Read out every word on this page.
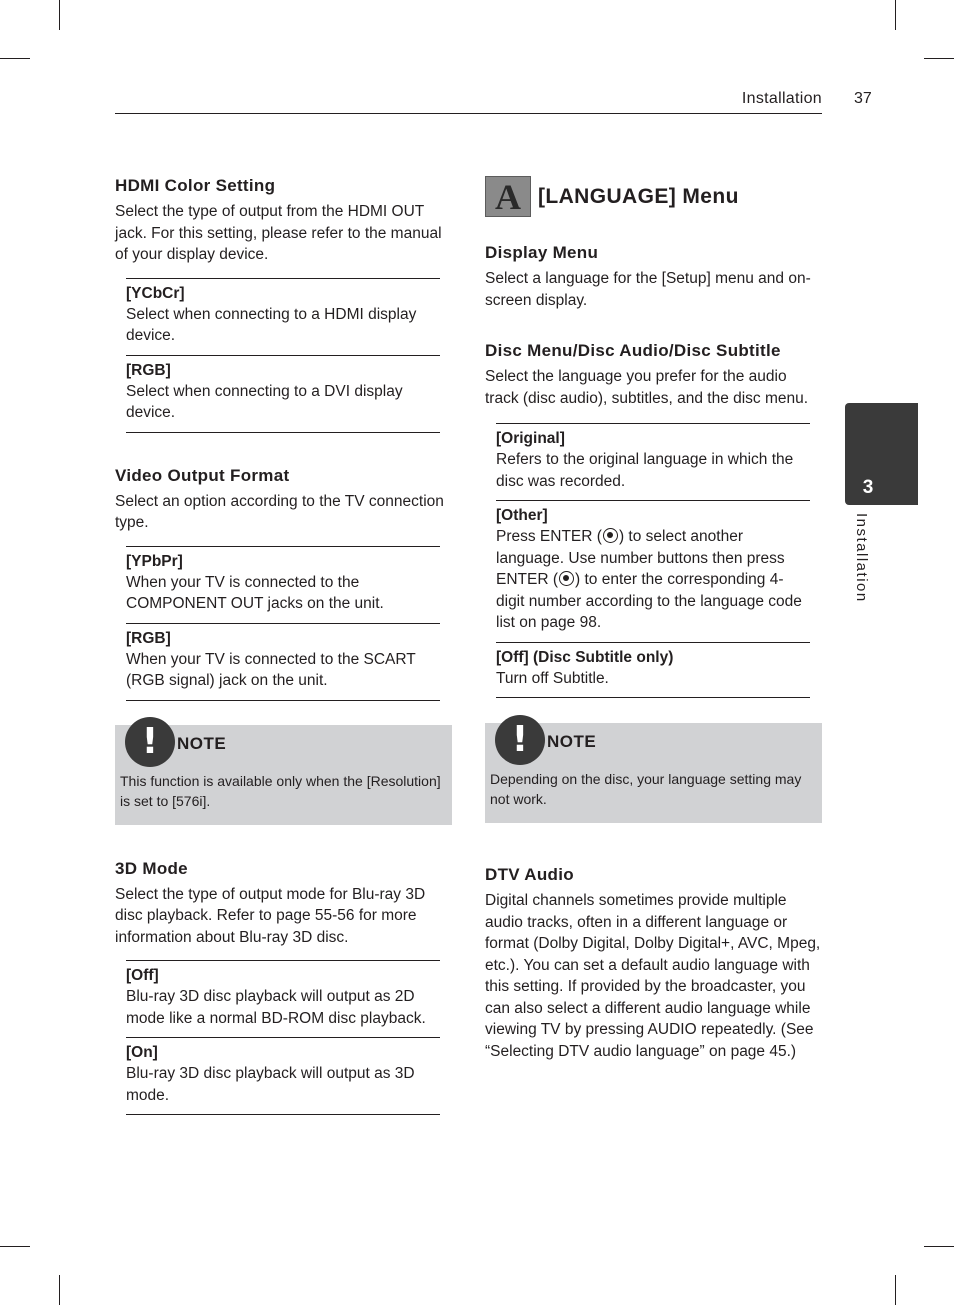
Installation 37
3
Installation
HDMI Color Setting

Select the type of output from the HDMI OUT jack. For this setting, please refer to the manual of your display device.

[YCbCr]
Select when connecting to a HDMI display device.
[RGB]
Select when connecting to a DVI display device.
Video Output Format

Select an option according to the TV connection type.

[YPbPr]
When your TV is connected to the COMPONENT OUT jacks on the unit.
[RGB]
When your TV is connected to the SCART (RGB signal) jack on the unit.
!	NOTE

This function is available only when the [Resolution] is set to [576i].

3D Mode

Select the type of output mode for Blu-ray 3D disc playback. Refer to page 55-56 for more information about Blu-ray 3D disc.

[Off]
Blu-ray 3D disc playback will output as 2D mode like a normal BD-ROM disc playback.
[On]
Blu-ray 3D disc playback will output as 3D mode.
A [LANGUAGE] Menu
Display Menu

Select a language for the [Setup] menu and on-screen display.

Disc Menu/Disc Audio/Disc Subtitle

Select the language you prefer for the audio track (disc audio), subtitles, and the disc menu.

[Original]
Refers to the original language in which the disc was recorded.
[Other]
Press ENTER ( ) to select another language. Use number buttons then press ENTER ( ) to enter the corresponding 4-digit number according to the language code list on page 98.
[Off] (Disc Subtitle only)
Turn off Subtitle.
!	NOTE

Depending on the disc, your language setting may not work.

DTV Audio

Digital channels sometimes provide multiple audio tracks, often in a different language or format (Dolby Digital, Dolby Digital+, AVC, Mpeg, etc.). You can set a default audio language with this setting. If provided by the broadcaster, you can also select a different audio language while viewing TV by pressing AUDIO repeatedly. (See “Selecting DTV audio language” on page 45.)
